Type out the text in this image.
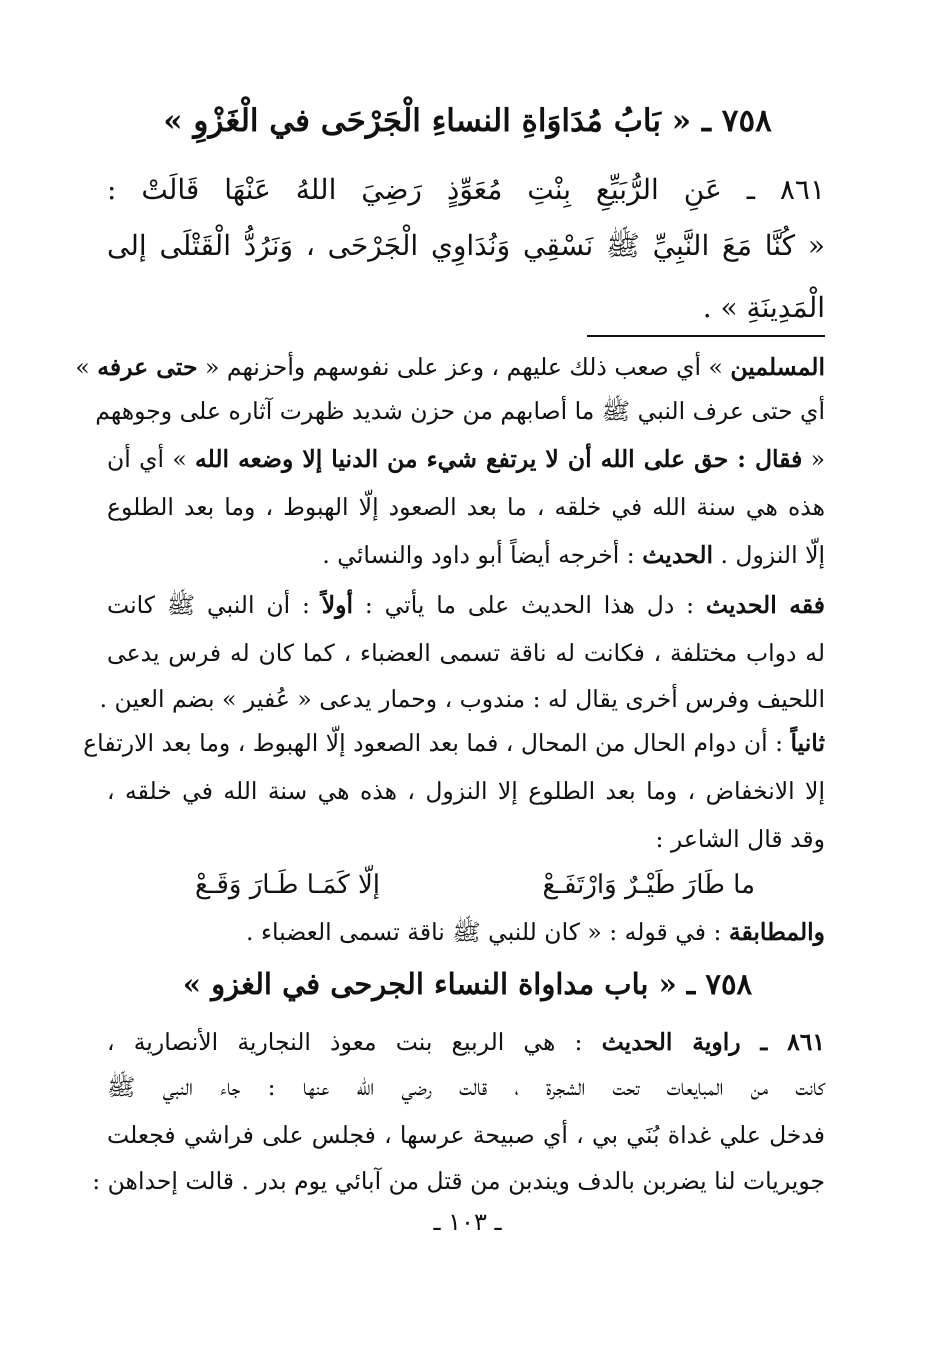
٧٥٨ ـ « بَابُ مُدَاوَاةِ النساءِ الْجَرْحَى في الْغَزْوِ »
٨٦١ ـ عَنِ الرُّبَيِّعِ بِنْتِ مُعَوِّذٍ رَضِيَ اللهُ عَنْهَا قَالَتْ :
« كُنَّا مَعَ النَّبِيِّ ﷺ نَسْقِي وَنُدَاوِي الْجَرْحَى ، وَنَرُدُّ الْقَتْلَى إلى
الْمَدِينَةِ » .
المسلمين » أي صعب ذلك عليهم ، وعز على نفوسهم وأحزنهم « حتى عرفه »
أي حتى عرف النبي ﷺ ما أصابهم من حزن شديد ظهرت آثاره على وجوههم
« فقال : حق على الله أن لا يرتفع شيء من الدنيا إلا وضعه الله » أي أن
هذه هي سنة الله في خلقه ، ما بعد الصعود إلّا الهبوط ، وما بعد الطلوع
إلّا النزول . الحديث : أخرجه أيضاً أبو داود والنسائي .
فقه الحديث : دل هذا الحديث على ما يأتي : أولاً : أن النبي ﷺ كانت
له دواب مختلفة ، فكانت له ناقة تسمى العضباء ، كما كان له فرس يدعى
اللحيف وفرس أخرى يقال له : مندوب ، وحمار يدعى « عُفير » بضم العين .
ثانياً : أن دوام الحال من المحال ، فما بعد الصعود إلّا الهبوط ، وما بعد الارتفاع
إلا الانخفاض ، وما بعد الطلوع إلا النزول ، هذه هي سنة الله في خلقه ،
وقد قال الشاعر :
ما طَارَ طَيْـرٌ وَارْتَفَـعْ
إلّا كَمَـا طَـارَ وَقَـعْ
والمطابقة : في قوله : « كان للنبي ﷺ ناقة تسمى العضباء .
٧٥٨ ـ « باب مداواة النساء الجرحى في الغزو »
٨٦١ ـ راوية الحديث : هي الربيع بنت معوذ النجارية الأنصارية ،
كانت من المبايعات تحت الشجرة ، قالت رضي الله عنها : جاء النبي ﷺ
فدخل علي غداة بُنَي بي ، أي صبيحة عرسها ، فجلس على فراشي فجعلت
جويريات لنا يضربن بالدف ويندبن من قتل من آبائي يوم بدر . قالت إحداهن :
ـ ١٠٣ ـ
